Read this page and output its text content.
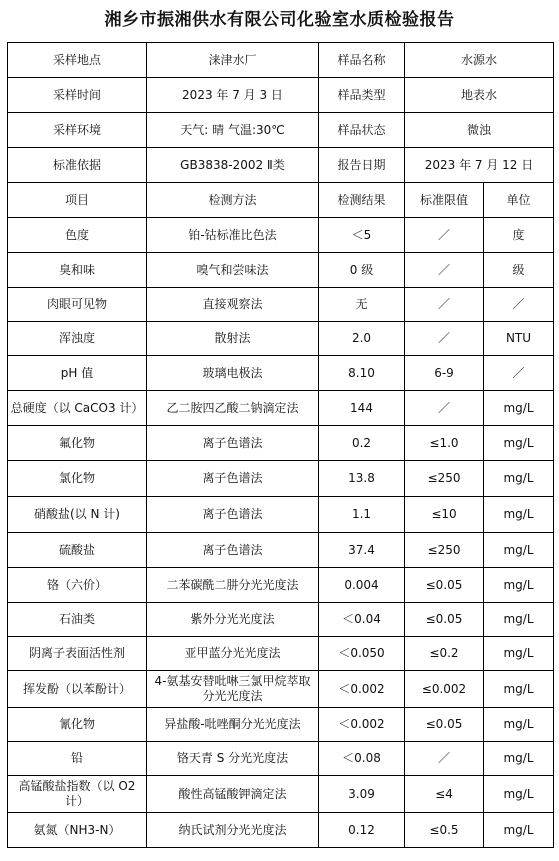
湘乡市振湘供水有限公司化验室水质检验报告
采样地点	涞津水厂	样品名称	水源水	
采样时间	2023 年 7 月 3 日	样品类型	地表水	
采样环境	天气: 晴 气温:30℃	样品状态	微浊	
标准依据	GB3838-2002 Ⅱ类	报告日期	2023 年 7 月 12 日	
项目	检测方法	检测结果	标准限值	单位
色度	铂-钴标准比色法	＜5	／	度
臭和味	嗅气和尝味法	0 级	／	级
肉眼可见物	直接观察法	无	／	／
浑浊度	散射法	2.0	／	NTU
pH 值	玻璃电极法	8.10	6-9	／
总硬度（以 CaCO3 计）	乙二胺四乙酸二钠滴定法	144	／	mg/L
氟化物	离子色谱法	0.2	≤1.0	mg/L
氯化物	离子色谱法	13.8	≤250	mg/L
硝酸盐(以 N 计)	离子色谱法	1.1	≤10	mg/L
硫酸盐	离子色谱法	37.4	≤250	mg/L
铬（六价）	二苯碳酰二肼分光光度法	0.004	≤0.05	mg/L
石油类	紫外分光光度法	＜0.04	≤0.05	mg/L
阴离子表面活性剂	亚甲蓝分光光度法	＜0.050	≤0.2	mg/L
挥发酚（以苯酚计）	4-氨基安替吡啉三氯甲烷萃取分光光度法	＜0.002	≤0.002	mg/L
氰化物	异盐酸-吡唑酮分光光度法	＜0.002	≤0.05	mg/L
铅	铬天青 S 分光光度法	＜0.08	／	mg/L
高锰酸盐指数（以 O2 计）	酸性高锰酸钾滴定法	3.09	≤4	mg/L
氨氮（NH3-N）	纳氏试剂分光光度法	0.12	≤0.5	mg/L
